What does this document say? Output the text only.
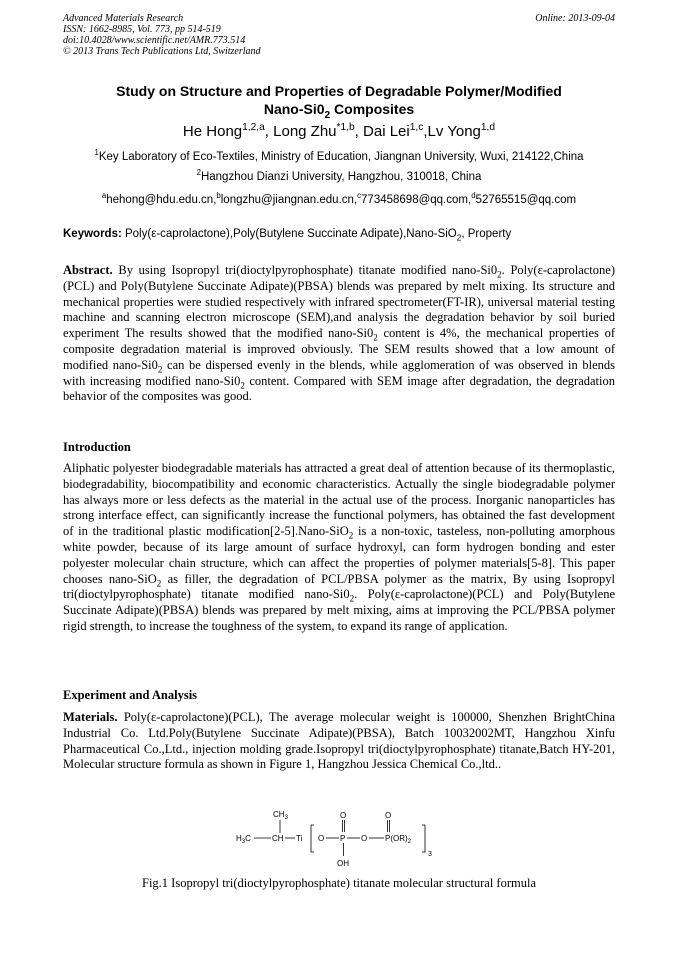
Advanced Materials Research
ISSN: 1662-8985, Vol. 773, pp 514-519
doi:10.4028/www.scientific.net/AMR.773.514
© 2013 Trans Tech Publications Ltd, Switzerland
Online: 2013-09-04
Study on Structure and Properties of Degradable Polymer/Modified
Nano-$Si0_2$ Composites
He Hong$^{1,2,a}$, Long Zhu$^{*1,b}$, Dai Lei$^{1,c}$,Lv Yong$^{1,d}$
$^1$Key Laboratory of Eco-Textiles, Ministry of Education, Jiangnan University, Wuxi, 214122,China
$^2$Hangzhou Dianzi University, Hangzhou, 310018, China
$^a$hehong@hdu.edu.cn,$^b$longzhu@jiangnan.edu.cn,$^c$773458698@qq.com,$^d$52765515@qq.com
Keywords: Poly(ε-caprolactone),Poly(Butylene Succinate Adipate),Nano-SiO$_2$, Property
Abstract. By using Isopropyl tri(dioctylpyrophosphate) titanate modified nano-$Si0_2$. Poly(ε-caprolactone)(PCL) and Poly(Butylene Succinate Adipate)(PBSA) blends was prepared by melt mixing. Its structure and mechanical properties were studied respectively with infrared spectrometer(FT-IR), universal material testing machine and scanning electron microscope (SEM),and analysis the degradation behavior by soil buried experiment The results showed that the modified nano-$Si0_2$ content is 4%, the mechanical properties of composite degradation material is improved obviously. The SEM results showed that a low amount of modified nano-$Si0_2$ can be dispersed evenly in the blends, while agglomeration of was observed in blends with increasing modified nano-$Si0_2$ content. Compared with SEM image after degradation, the degradation behavior of the composites was good.
Introduction
Aliphatic polyester biodegradable materials has attracted a great deal of attention because of its thermoplastic, biodegradability, biocompatibility and economic characteristics. Actually the single biodegradable polymer has always more or less defects as the material in the actual use of the process. Inorganic nanoparticles has strong interface effect, can significantly increase the functional polymers, has obtained the fast development of in the traditional plastic modification[2-5].Nano-SiO$_2$ is a non-toxic, tasteless, non-polluting amorphous white powder, because of its large amount of surface hydroxyl, can form hydrogen bonding and ester polyester molecular chain structure, which can affect the properties of polymer materials[5-8]. This paper chooses nano-SiO$_2$ as filler, the degradation of PCL/PBSA polymer as the matrix, By using Isopropyl tri(dioctylpyrophosphate) titanate modified nano-$Si0_2$. Poly(ε-caprolactone)(PCL) and Poly(Butylene Succinate Adipate)(PBSA) blends was prepared by melt mixing, aims at improving the PCL/PBSA polymer rigid strength, to increase the toughness of the system, to expand its range of application.
Experiment and Analysis
Materials. Poly(ε-caprolactone)(PCL), The average molecular weight is 100000, Shenzhen BrightChina Industrial Co. Ltd.Poly(Butylene Succinate Adipate)(PBSA), Batch 10032002MT, Hangzhou Xinfu Pharmaceutical Co.,Ltd., injection molding grade.Isopropyl tri(dioctylpyrophosphate) titanate,Batch HY-201, Molecular structure formula as shown in Figure 1, Hangzhou Jessica Chemical Co.,ltd..
$CH_3$
$H_3C$	CH Ti O
O
P
OH
O
O
$P(OR)_2$
3
Fig.1 Isopropyl tri(dioctylpyrophosphate) titanate molecular structural formula
